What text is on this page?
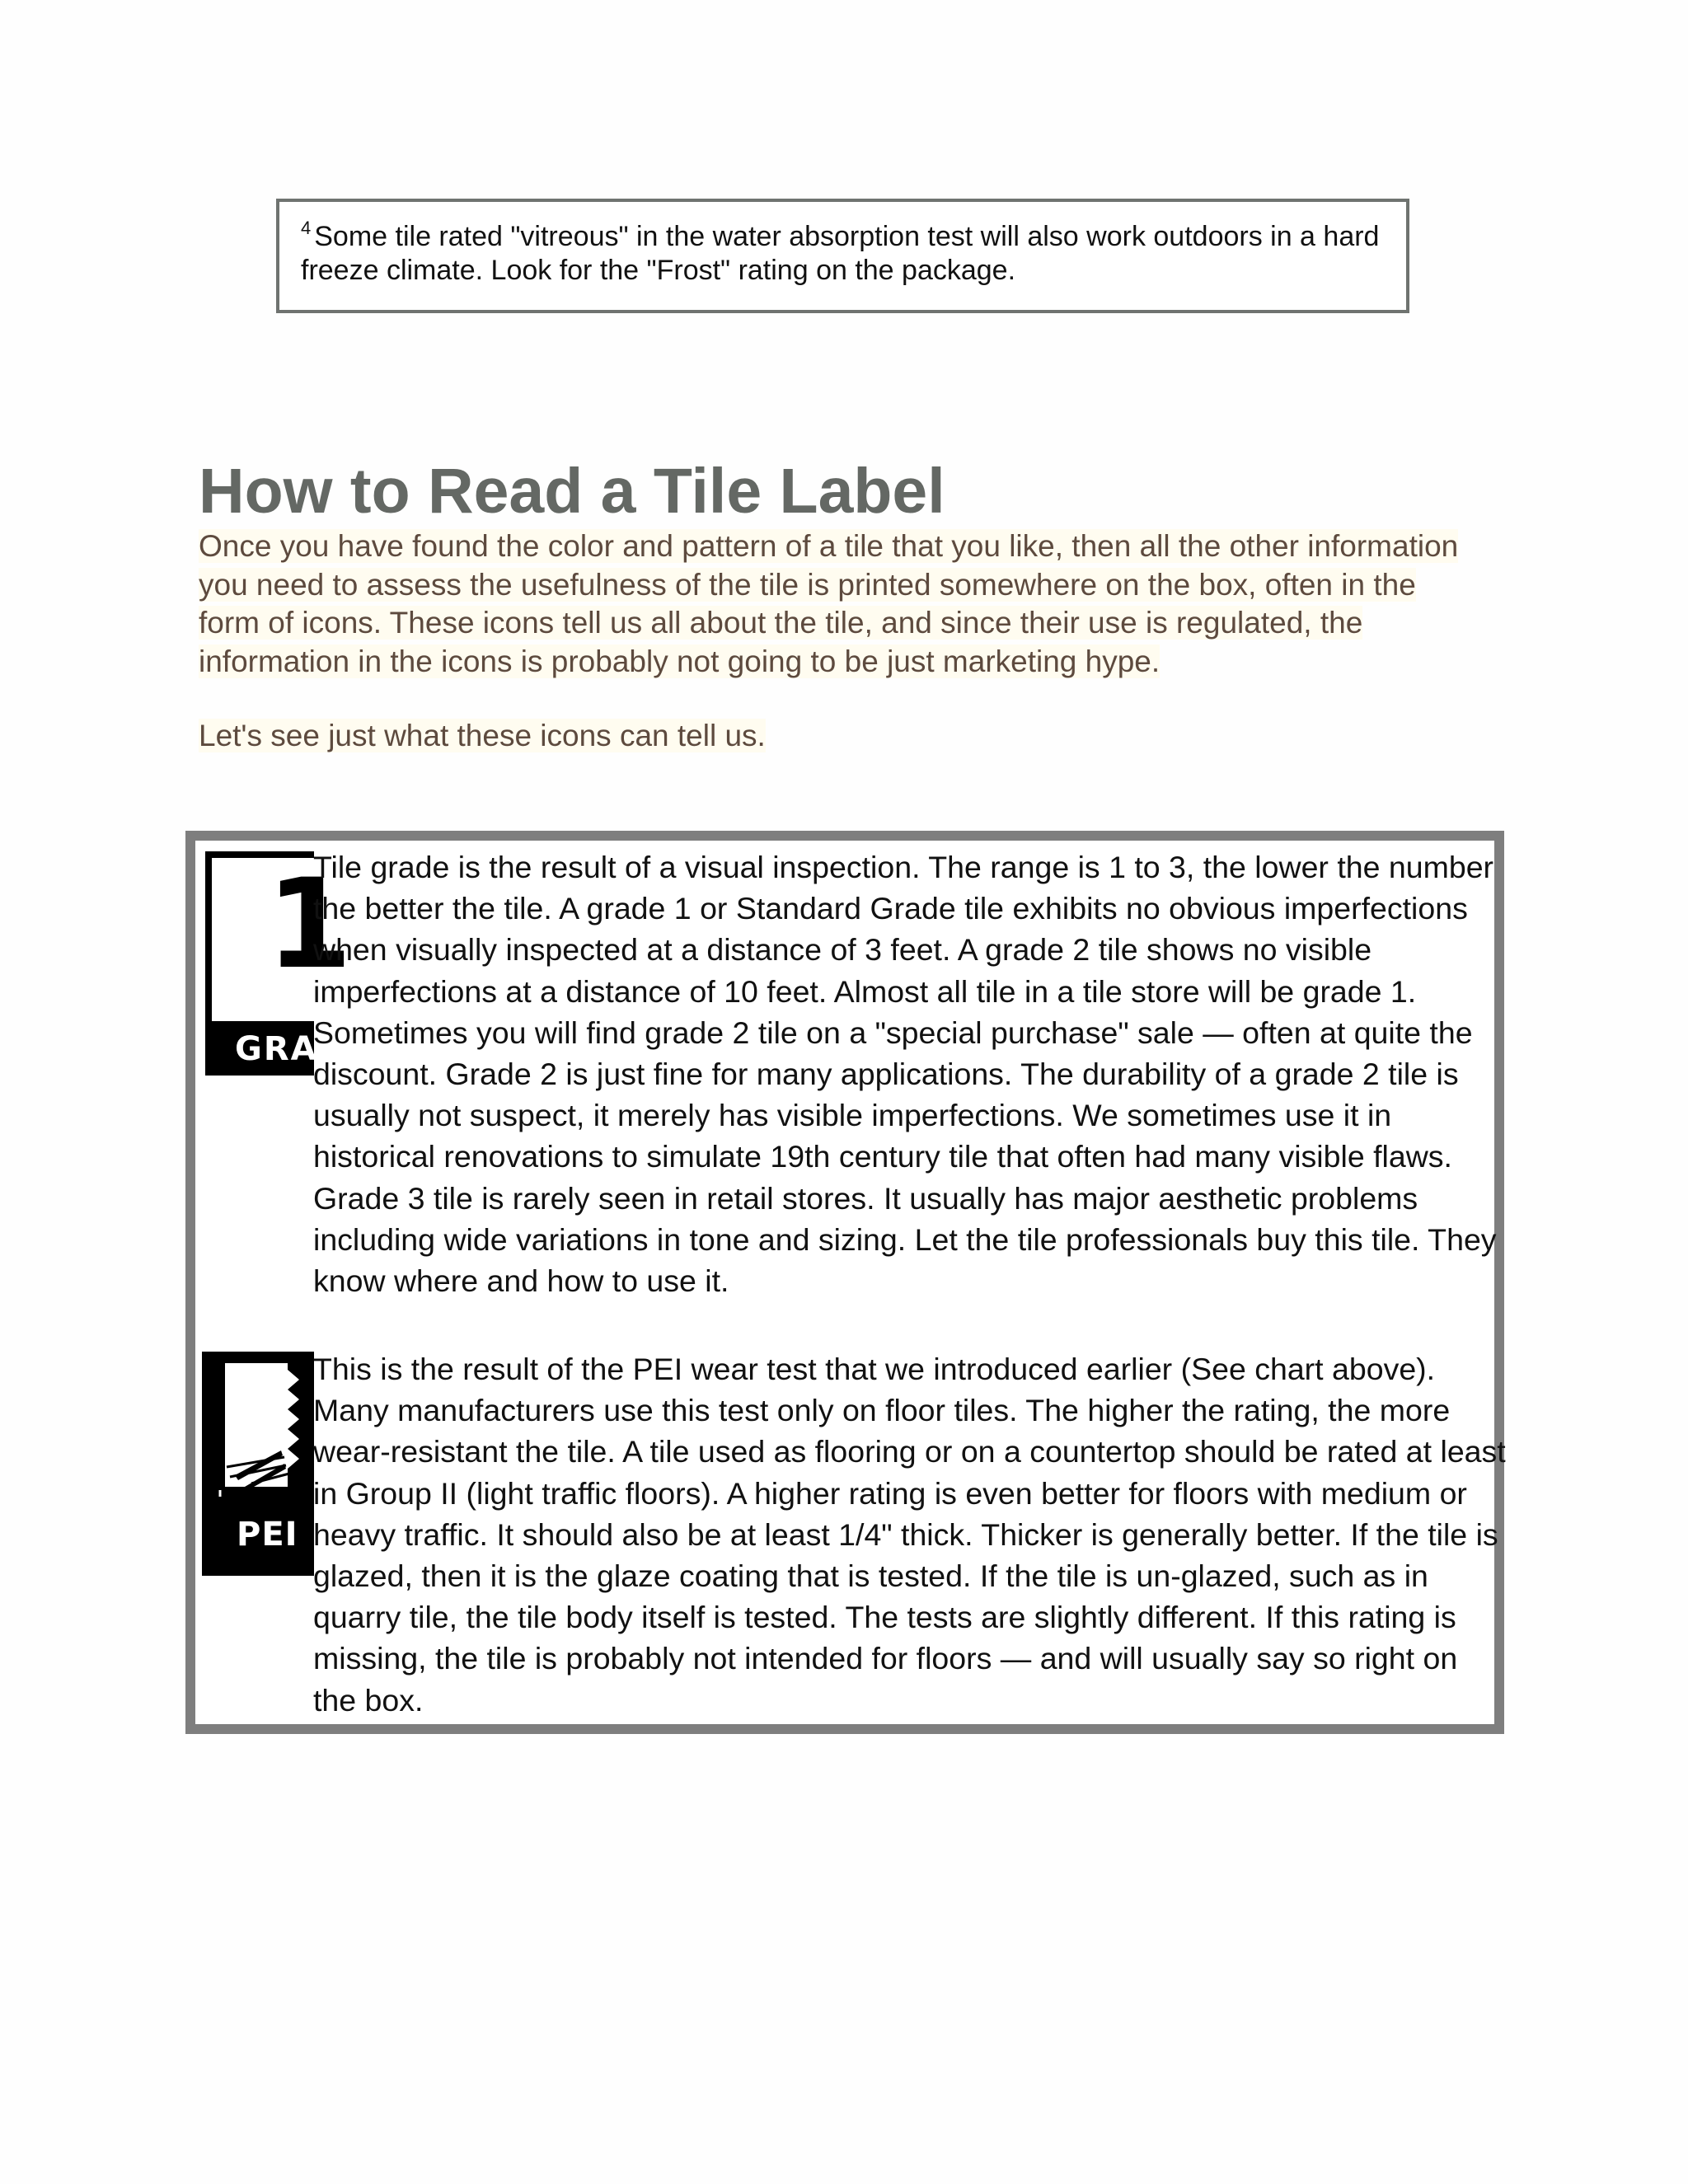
$^4$ Some tile rated "vitreous" in the water absorption test will also work outdoors in a hard freeze climate. Look for the "Frost" rating on the package.
How to Read a Tile Label

Once you have found the color and pattern of a tile that you like, then all the other information you need to assess the usefulness of the tile is printed somewhere on the box, often in the form of icons. These icons tell us all about the tile, and since their use is regulated, the information in the icons is probably not going to be just marketing hype.

Let's see just what these icons can tell us.

1
GRA

Tile grade is the result of a visual inspection. The range is 1 to 3, the lower the number the better the tile. A grade 1 or Standard Grade tile exhibits no obvious imperfections when visually inspected at a distance of 3 feet. A grade 2 tile shows no visible imperfections at a distance of 10 feet. Almost all tile in a tile store will be grade 1. Sometimes you will find grade 2 tile on a "special purchase" sale — often at quite the discount. Grade 2 is just fine for many applications. The durability of a grade 2 tile is usually not suspect, it merely has visible imperfections. We sometimes use it in historical renovations to simulate 19th century tile that often had many visible flaws. Grade 3 tile is rarely seen in retail stores. It usually has major aesthetic problems including wide variations in tone and sizing. Let the tile professionals buy this tile. They know where and how to use it.

PEI

This is the result of the PEI wear test that we introduced earlier (See chart above). Many manufacturers use this test only on floor tiles. The higher the rating, the more wear-resistant the tile. A tile used as flooring or on a countertop should be rated at least in Group II (light traffic floors). A higher rating is even better for floors with medium or heavy traffic. It should also be at least 1/4" thick. Thicker is generally better. If the tile is glazed, then it is the glaze coating that is tested. If the tile is un-glazed, such as in quarry tile, the tile body itself is tested. The tests are slightly different. If this rating is missing, the tile is probably not intended for floors — and will usually say so right on the box.
